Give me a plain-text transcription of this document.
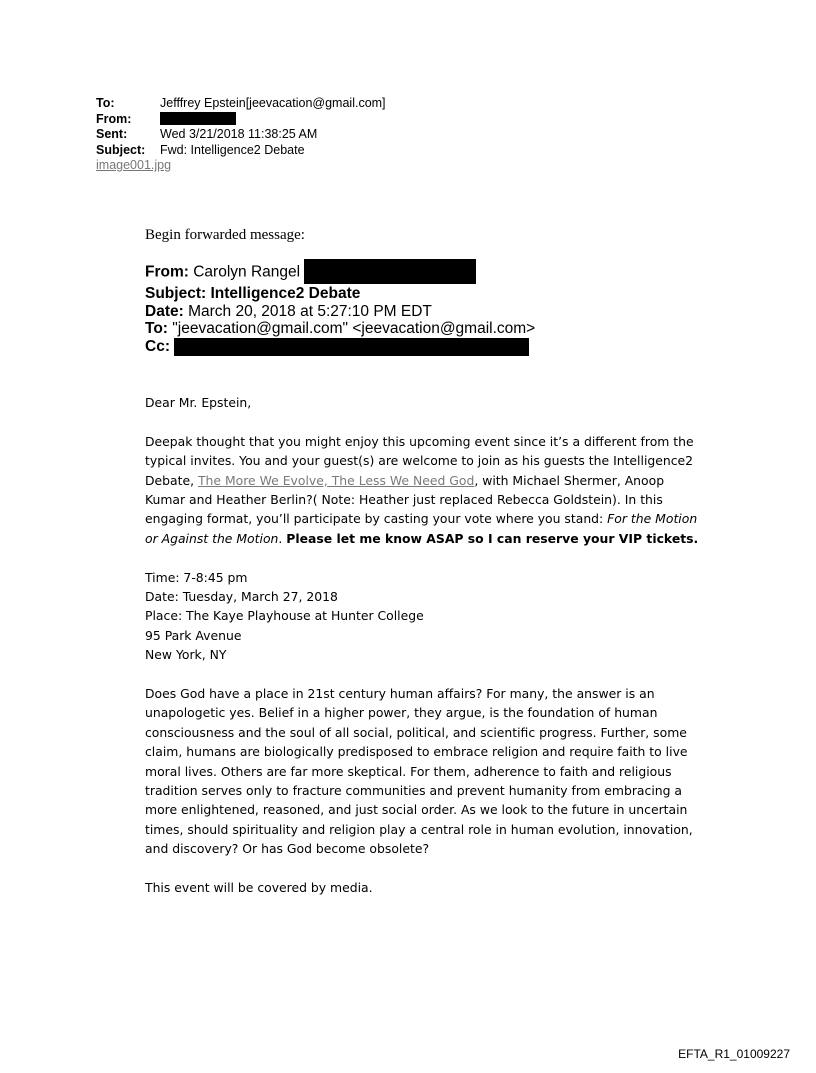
To:	Jefffrey Epstein[jeevacation@gmail.com]
From:
Sent:	Wed 3/21/2018 11:38:25 AM
Subject:	Fwd: Intelligence2 Debate
image001.jpg
Begin forwarded message:
From: Carolyn Rangel
Subject: Intelligence2 Debate
Date: March 20, 2018 at 5:27:10 PM EDT
To: "jeevacation@gmail.com" <jeevacation@gmail.com>
Cc:

Dear Mr. Epstein,

Deepak thought that you might enjoy this upcoming event since it’s a different from the typical invites. You and your guest(s) are welcome to join as his guests the Intelligence2 Debate, The More We Evolve, The Less We Need God, with Michael Shermer, Anoop Kumar and Heather Berlin?( Note: Heather just replaced Rebecca Goldstein). In this engaging format, you’ll participate by casting your vote where you stand: For the Motion or Against the Motion. Please let me know ASAP so I can reserve your VIP tickets.

Time: 7-8:45 pm

Date: Tuesday, March 27, 2018

Place: The Kaye Playhouse at Hunter College

95 Park Avenue

New York, NY

Does God have a place in 21st century human affairs? For many, the answer is an unapologetic yes. Belief in a higher power, they argue, is the foundation of human consciousness and the soul of all social, political, and scientific progress. Further, some claim, humans are biologically predisposed to embrace religion and require faith to live moral lives. Others are far more skeptical. For them, adherence to faith and religious tradition serves only to fracture communities and prevent humanity from embracing a more enlightened, reasoned, and just social order. As we look to the future in uncertain times, should spirituality and religion play a central role in human evolution, innovation, and discovery? Or has God become obsolete?

This event will be covered by media.

EFTA_R1_01009227
